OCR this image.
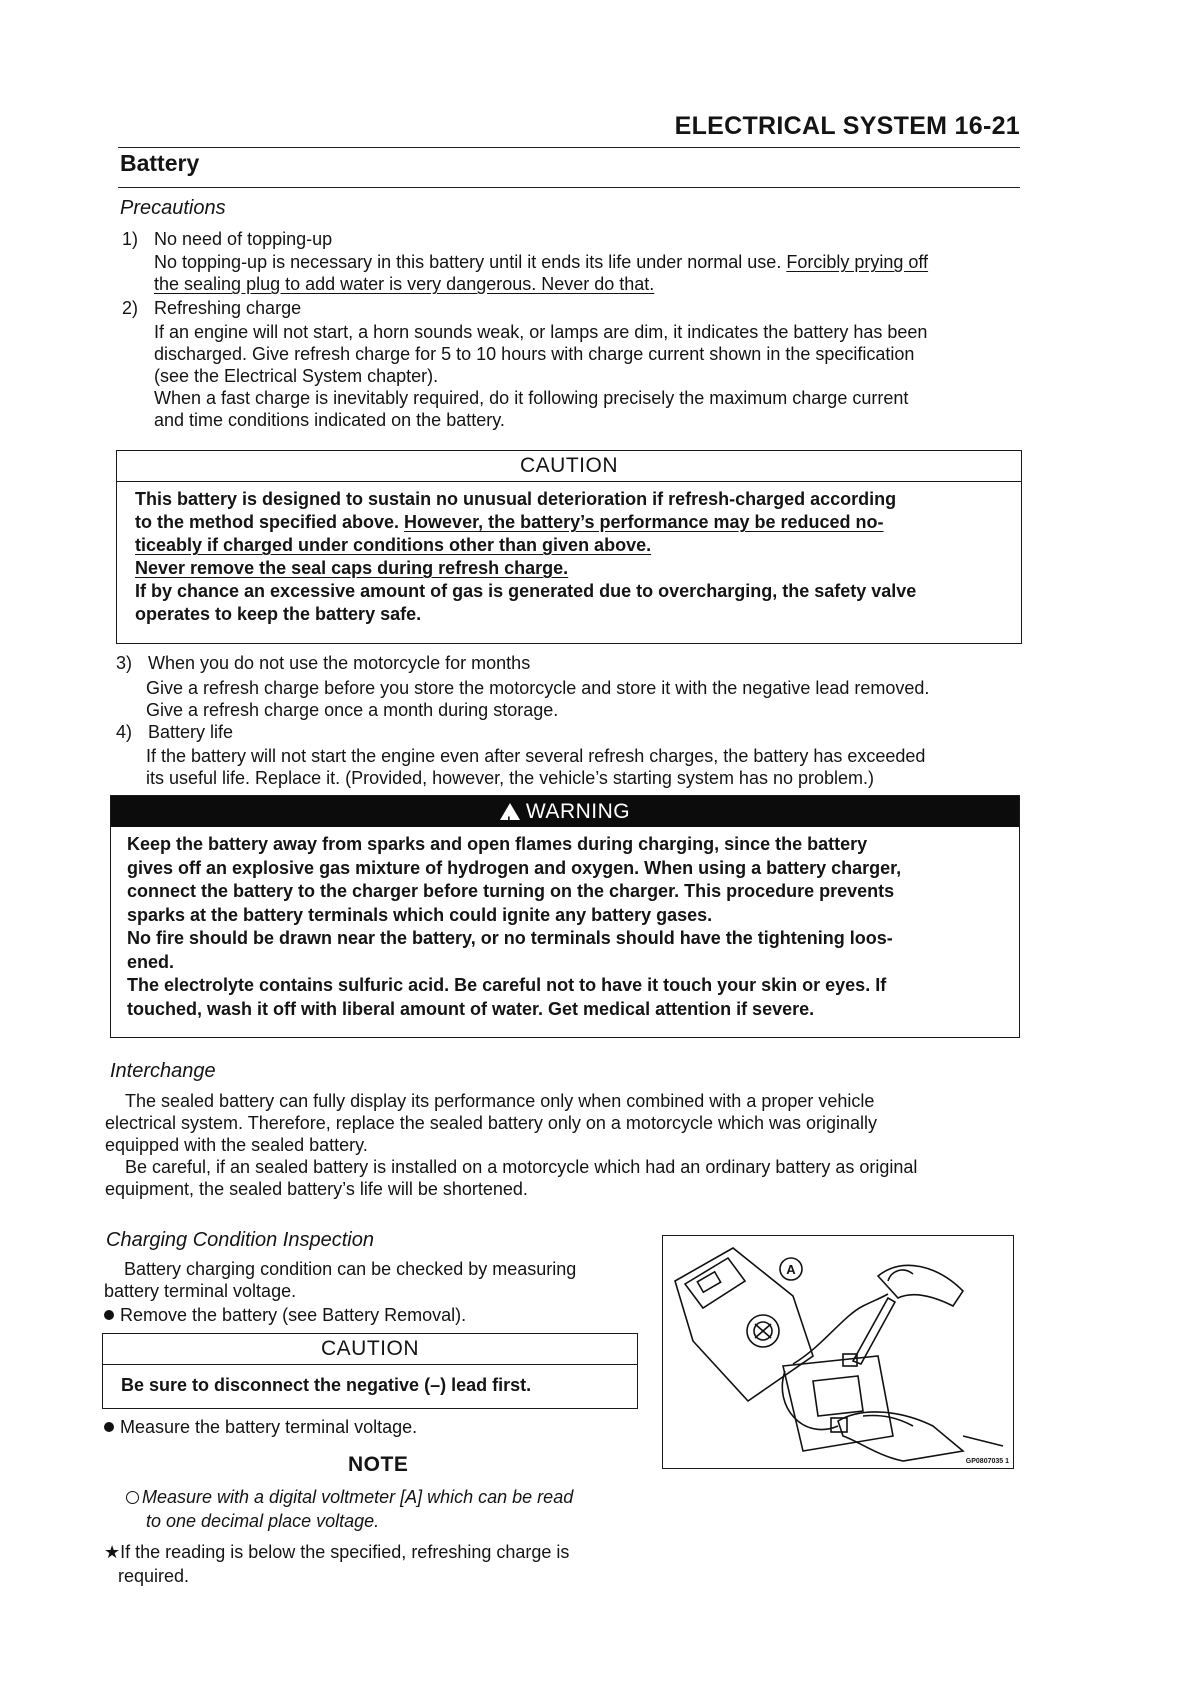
ELECTRICAL SYSTEM 16-21
Battery
Precautions
1) No need of topping-up
No topping-up is necessary in this battery until it ends its life under normal use. Forcibly prying off
the sealing plug to add water is very dangerous. Never do that.
2) Refreshing charge
If an engine will not start, a horn sounds weak, or lamps are dim, it indicates the battery has been
discharged. Give refresh charge for 5 to 10 hours with charge current shown in the specification
(see the Electrical System chapter).
When a fast charge is inevitably required, do it following precisely the maximum charge current
and time conditions indicated on the battery.
CAUTION
This battery is designed to sustain no unusual deterioration if refresh-charged according
to the method specified above. However, the battery’s performance may be reduced no-
ticeably if charged under conditions other than given above.
Never remove the seal caps during refresh charge.
If by chance an excessive amount of gas is generated due to overcharging, the safety valve
operates to keep the battery safe.
3) When you do not use the motorcycle for months
Give a refresh charge before you store the motorcycle and store it with the negative lead removed.
Give a refresh charge once a month during storage.
4) Battery life
If the battery will not start the engine even after several refresh charges, the battery has exceeded
its useful life. Replace it. (Provided, however, the vehicle’s starting system has no problem.)
!WARNING
Keep the battery away from sparks and open flames during charging, since the battery
gives off an explosive gas mixture of hydrogen and oxygen. When using a battery charger,
connect the battery to the charger before turning on the charger. This procedure prevents
sparks at the battery terminals which could ignite any battery gases.
No fire should be drawn near the battery, or no terminals should have the tightening loos-
ened.
The electrolyte contains sulfuric acid. Be careful not to have it touch your skin or eyes. If
touched, wash it off with liberal amount of water. Get medical attention if severe.
Interchange
The sealed battery can fully display its performance only when combined with a proper vehicle
electrical system. Therefore, replace the sealed battery only on a motorcycle which was originally
equipped with the sealed battery.
Be careful, if an sealed battery is installed on a motorcycle which had an ordinary battery as original
equipment, the sealed battery’s life will be shortened.
Charging Condition Inspection
Battery charging condition can be checked by measuring
battery terminal voltage.
Remove the battery (see Battery Removal).
CAUTION
Be sure to disconnect the negative (–) lead first.
Measure the battery terminal voltage.
NOTE
Measure with a digital voltmeter [A] which can be read
to one decimal place voltage.
★If the reading is below the specified, refreshing charge is
required.
A
GP0807035 1
